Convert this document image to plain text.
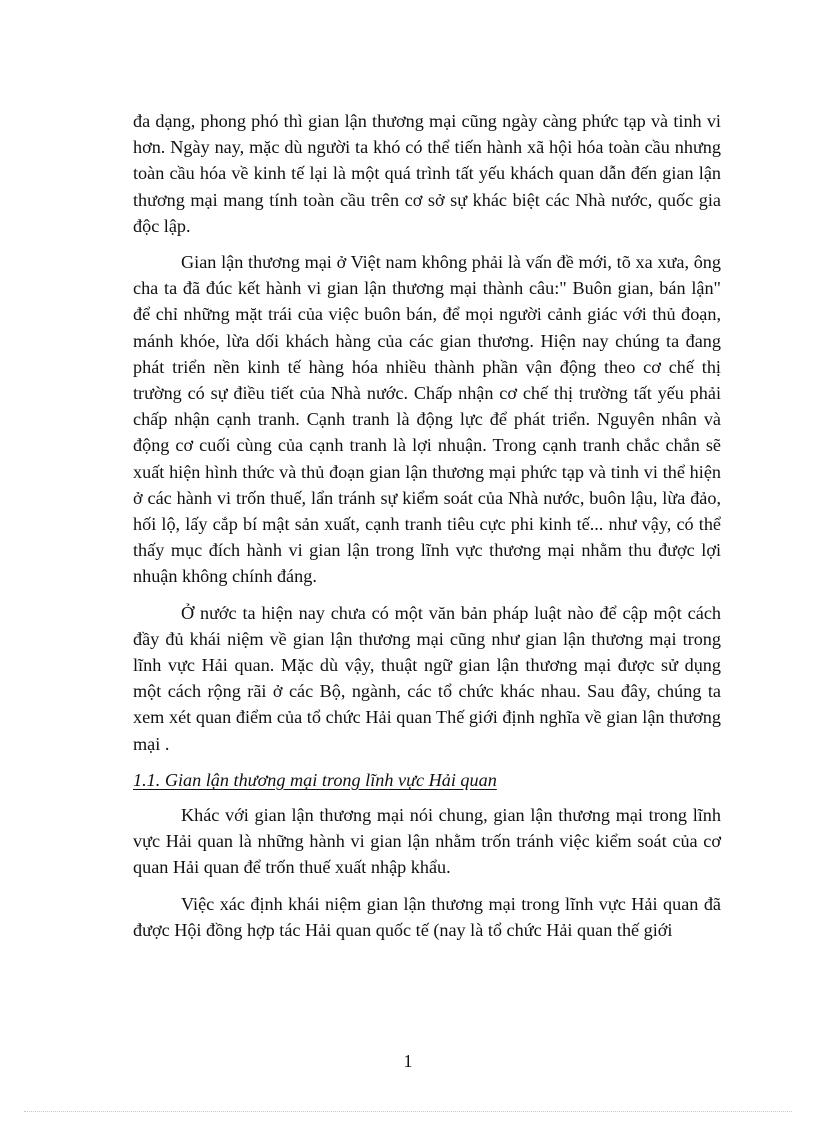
đa dạng, phong phó thì gian lận thương mại cũng ngày càng phức tạp và tinh vi hơn. Ngày nay, mặc dù người ta khó có thể tiến hành xã hội hóa toàn cầu nhưng toàn cầu hóa về kinh tế lại là một quá trình tất yếu khách quan dẫn đến gian lận thương mại mang tính toàn cầu trên cơ sở sự khác biệt các Nhà nước, quốc gia độc lập.

Gian lận thương mại ở Việt nam không phải là vấn đề mới, tõ xa xưa, ông cha ta đã đúc kết hành vi gian lận thương mại thành câu:" Buôn gian, bán lận" để chỉ những mặt trái của việc buôn bán, để mọi người cảnh giác với thủ đoạn, mánh khóe, lừa dối khách hàng của các gian thương. Hiện nay chúng ta đang phát triển nền kinh tế hàng hóa nhiều thành phần vận động theo cơ chế thị trường có sự điều tiết của Nhà nước. Chấp nhận cơ chế thị trường tất yếu phải chấp nhận cạnh tranh. Cạnh tranh là động lực để phát triển. Nguyên nhân và động cơ cuối cùng của cạnh tranh là lợi nhuận. Trong cạnh tranh chắc chắn sẽ xuất hiện hình thức và thủ đoạn gian lận thương mại phức tạp và tinh vi thể hiện ở các hành vi trốn thuế, lẩn tránh sự kiểm soát của Nhà nước, buôn lậu, lừa đảo, hối lộ, lấy cắp bí mật sản xuất, cạnh tranh tiêu cực phi kinh tế... như vậy, có thể thấy mục đích hành vi gian lận trong lĩnh vực thương mại nhằm thu được lợi nhuận không chính đáng.

Ở nước ta hiện nay chưa có một văn bản pháp luật nào để cập một cách đầy đủ khái niệm về gian lận thương mại cũng như gian lận thương mại trong lĩnh vực Hải quan. Mặc dù vậy, thuật ngữ gian lận thương mại được sử dụng một cách rộng rãi ở các Bộ, ngành, các tổ chức khác nhau. Sau đây, chúng ta xem xét quan điểm của tổ chức Hải quan Thế giới định nghĩa về gian lận thương mại .

1.1. Gian lận thương mại trong lĩnh vực Hải quan

Khác với gian lận thương mại nói chung, gian lận thương mại trong lĩnh vực Hải quan là những hành vi gian lận nhằm trốn tránh việc kiểm soát của cơ quan Hải quan để trốn thuế xuất nhập khẩu.

Việc xác định khái niệm gian lận thương mại trong lĩnh vực Hải quan đã được Hội đồng hợp tác Hải quan quốc tế (nay là tổ chức Hải quan thế giới

1
